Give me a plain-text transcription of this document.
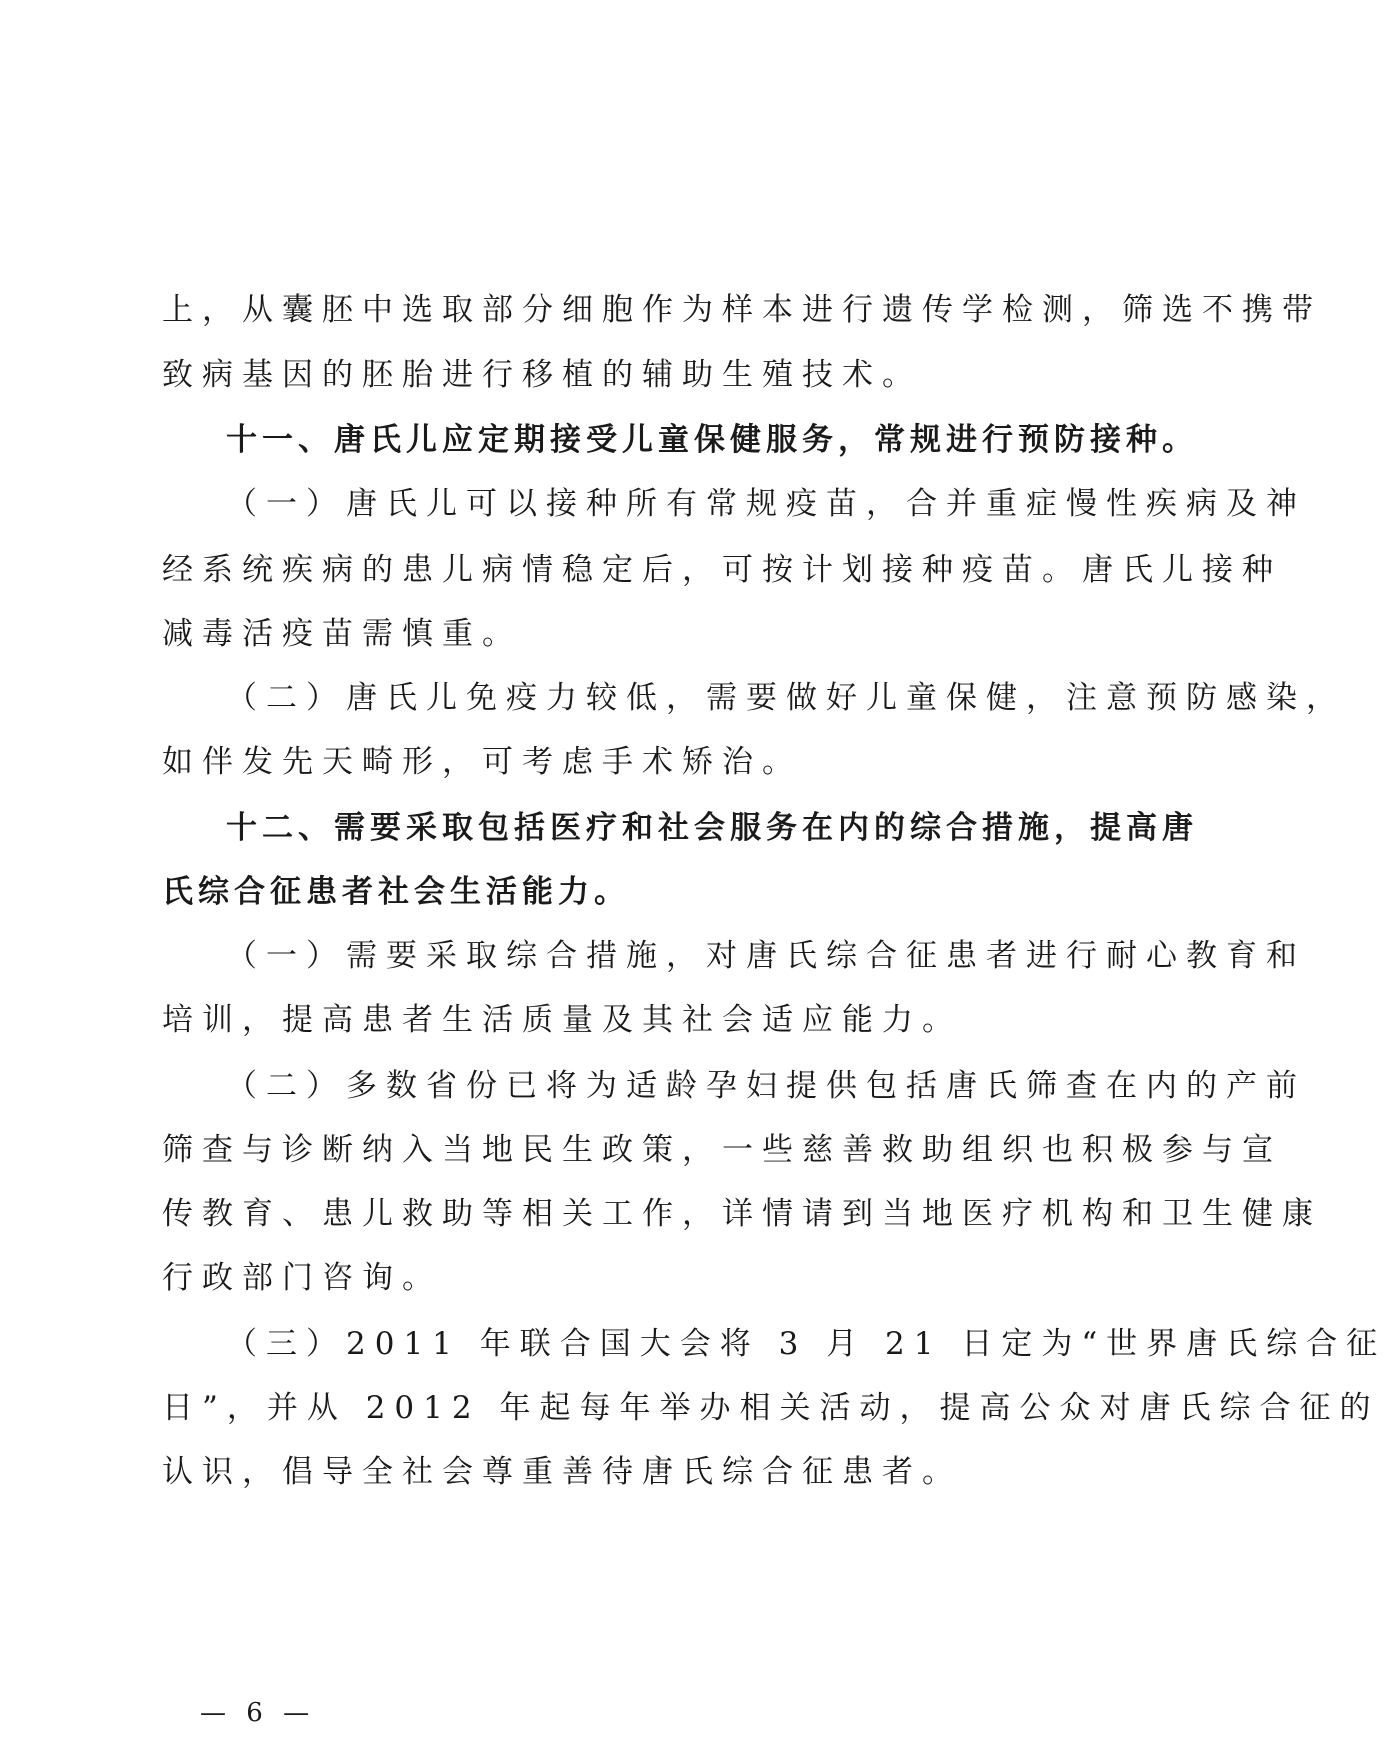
上，从囊胚中选取部分细胞作为样本进行遗传学检测，筛选不携带
致病基因的胚胎进行移植的辅助生殖技术。
十一、唐氏儿应定期接受儿童保健服务，常规进行预防接种。
（一）唐氏儿可以接种所有常规疫苗，合并重症慢性疾病及神
经系统疾病的患儿病情稳定后，可按计划接种疫苗。唐氏儿接种
减毒活疫苗需慎重。
（二）唐氏儿免疫力较低，需要做好儿童保健，注意预防感染，
如伴发先天畸形，可考虑手术矫治。
十二、需要采取包括医疗和社会服务在内的综合措施，提高唐
氏综合征患者社会生活能力。
（一）需要采取综合措施，对唐氏综合征患者进行耐心教育和
培训，提高患者生活质量及其社会适应能力。
（二）多数省份已将为适龄孕妇提供包括唐氏筛查在内的产前
筛查与诊断纳入当地民生政策，一些慈善救助组织也积极参与宣
传教育、患儿救助等相关工作，详情请到当地医疗机构和卫生健康
行政部门咨询。
（三）2011 年联合国大会将 3 月 21 日定为“世界唐氏综合征
日”，并从 2012 年起每年举办相关活动，提高公众对唐氏综合征的
认识，倡导全社会尊重善待唐氏综合征患者。
— 6 —
